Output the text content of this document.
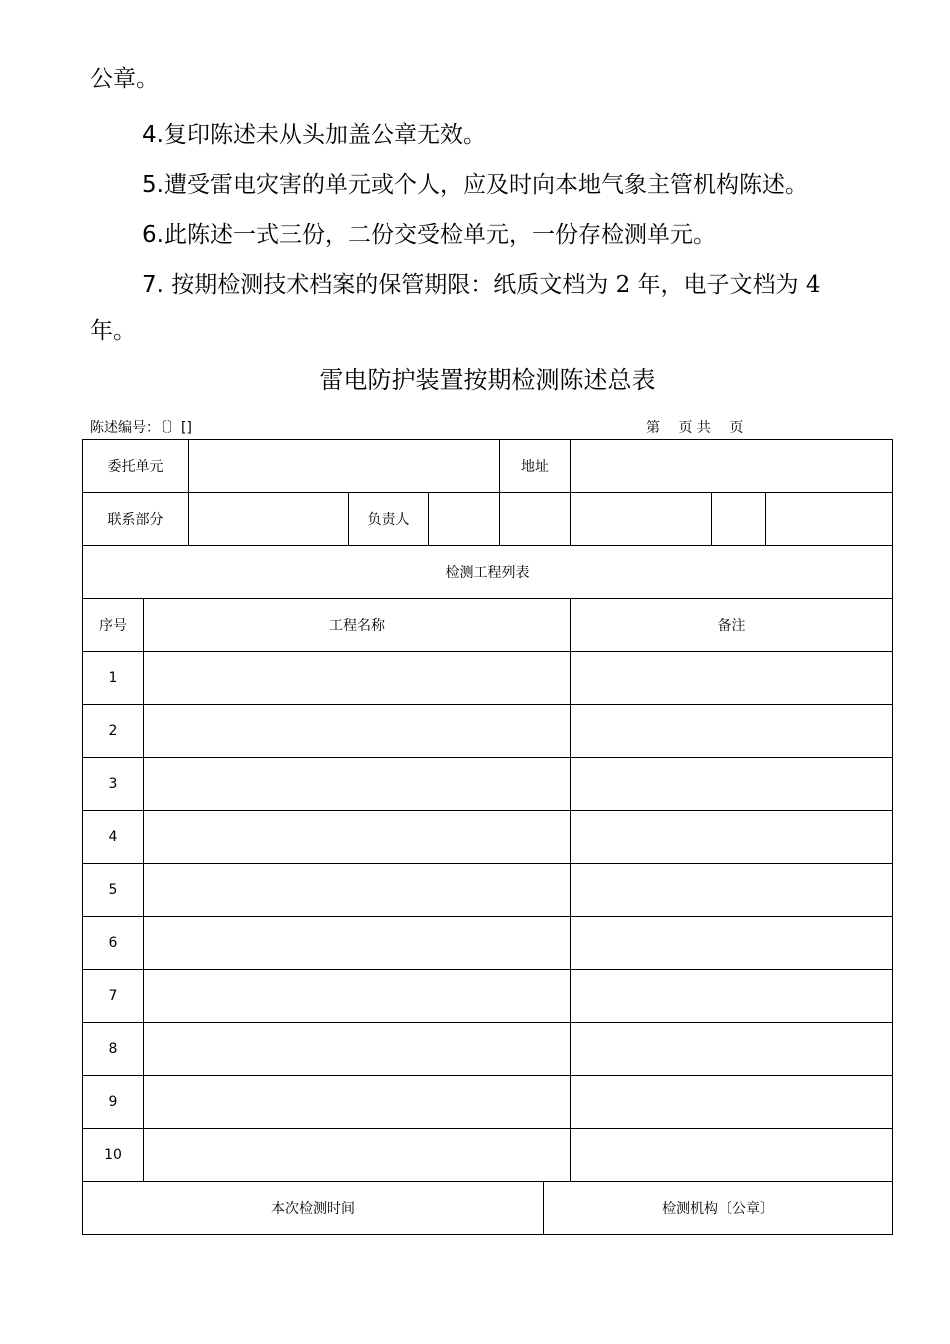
公章。
4.复印陈述未从头加盖公章无效。
5.遭受雷电灾害的单元或个人，应及时向本地气象主管机构陈述。
6.此陈述一式三份，二份交受检单元，一份存检测单元。
7. 按期检测技术档案的保管期限：纸质文档为 2 年，电子文档为 4
年。
雷电防护装置按期检测陈述总表
陈述编号：〔〕[]	第　 页 共　 页
委托单元					地址				
联系部分			负责人						
检测工程列表									
序号	工程名称						备注		
1									
2									
3									
4									
5									
6									
7									
8									
9									
10									
本次检测时间						检测机构〔公章〕			
